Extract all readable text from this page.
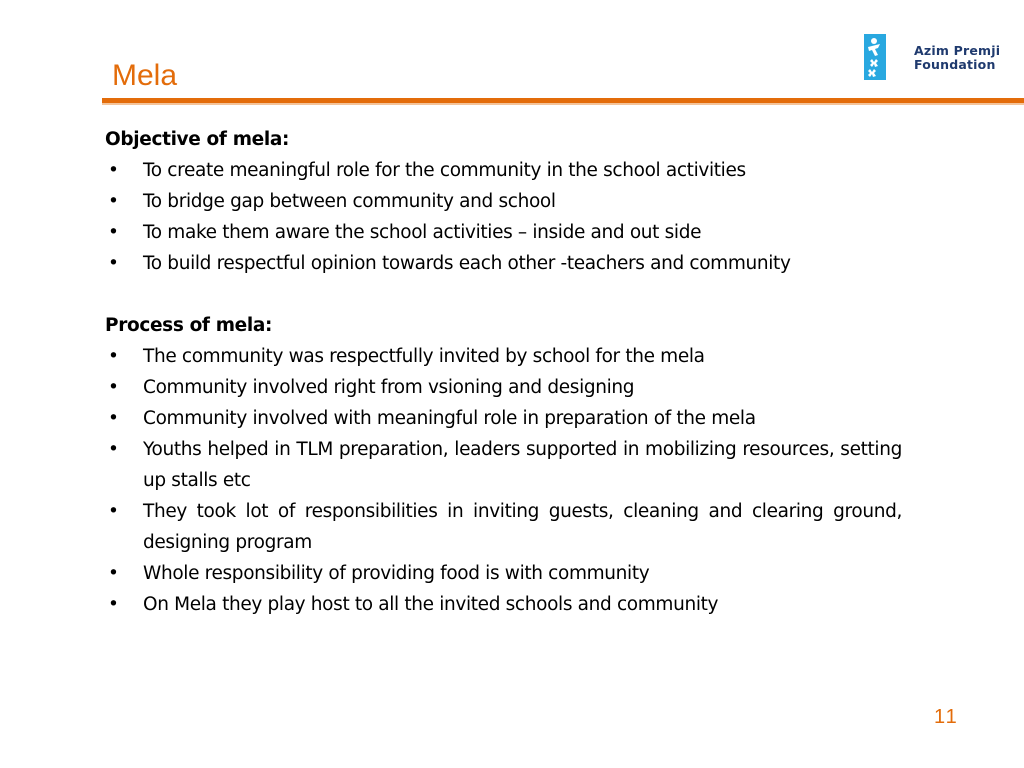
Mela
Azim Premji
Foundation

Objective of mela:

• To create meaningful role for the community in the school activities
• To bridge gap between community and school
• To make them aware the school activities – inside and out side
• To build respectful opinion towards each other -teachers and community

Process of mela:

• The community was respectfully invited by school for the mela
• Community involved right from vsioning and designing
• Community involved with meaningful role in preparation of the mela
• Youths helped in TLM preparation, leaders supported in mobilizing resources, setting up stalls etc
• They took lot of responsibilities in inviting guests, cleaning and clearing ground, designing program
• Whole responsibility of providing food is with community
• On Mela they play host to all the invited schools and community
11
